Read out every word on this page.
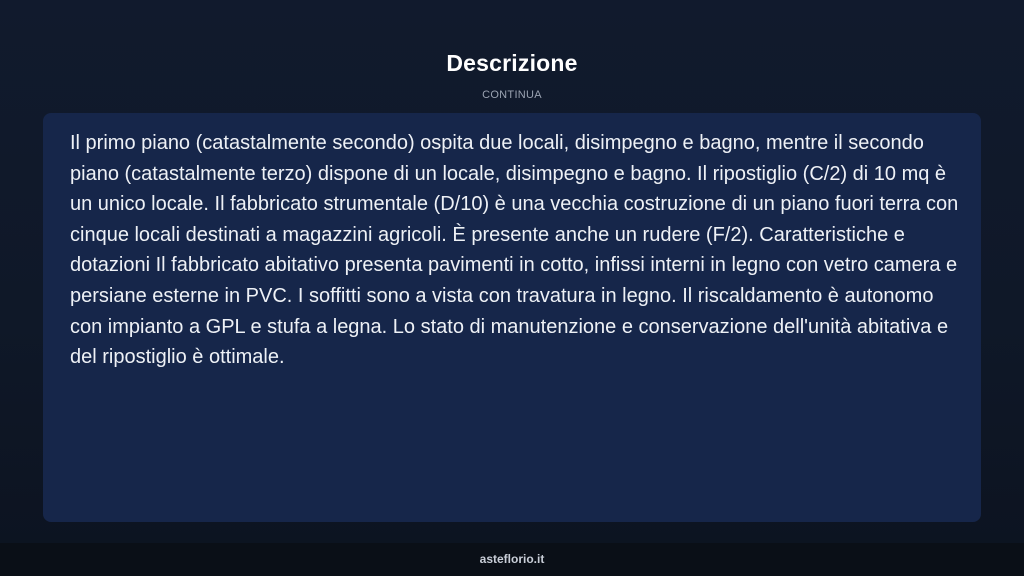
Descrizione
CONTINUA

Il primo piano (catastalmente secondo) ospita due locali, disimpegno e bagno, mentre il secondo piano (catastalmente terzo) dispone di un locale, disimpegno e bagno. Il ripostiglio (C/2) di 10 mq è un unico locale. Il fabbricato strumentale (D/10) è una vecchia costruzione di un piano fuori terra con cinque locali destinati a magazzini agricoli. È presente anche un rudere (F/2). Caratteristiche e dotazioni Il fabbricato abitativo presenta pavimenti in cotto, infissi interni in legno con vetro camera e persiane esterne in PVC. I soffitti sono a vista con travatura in legno. Il riscaldamento è autonomo con impianto a GPL e stufa a legna. Lo stato di manutenzione e conservazione dell'unità abitativa e del ripostiglio è ottimale.

asteflorio.it
